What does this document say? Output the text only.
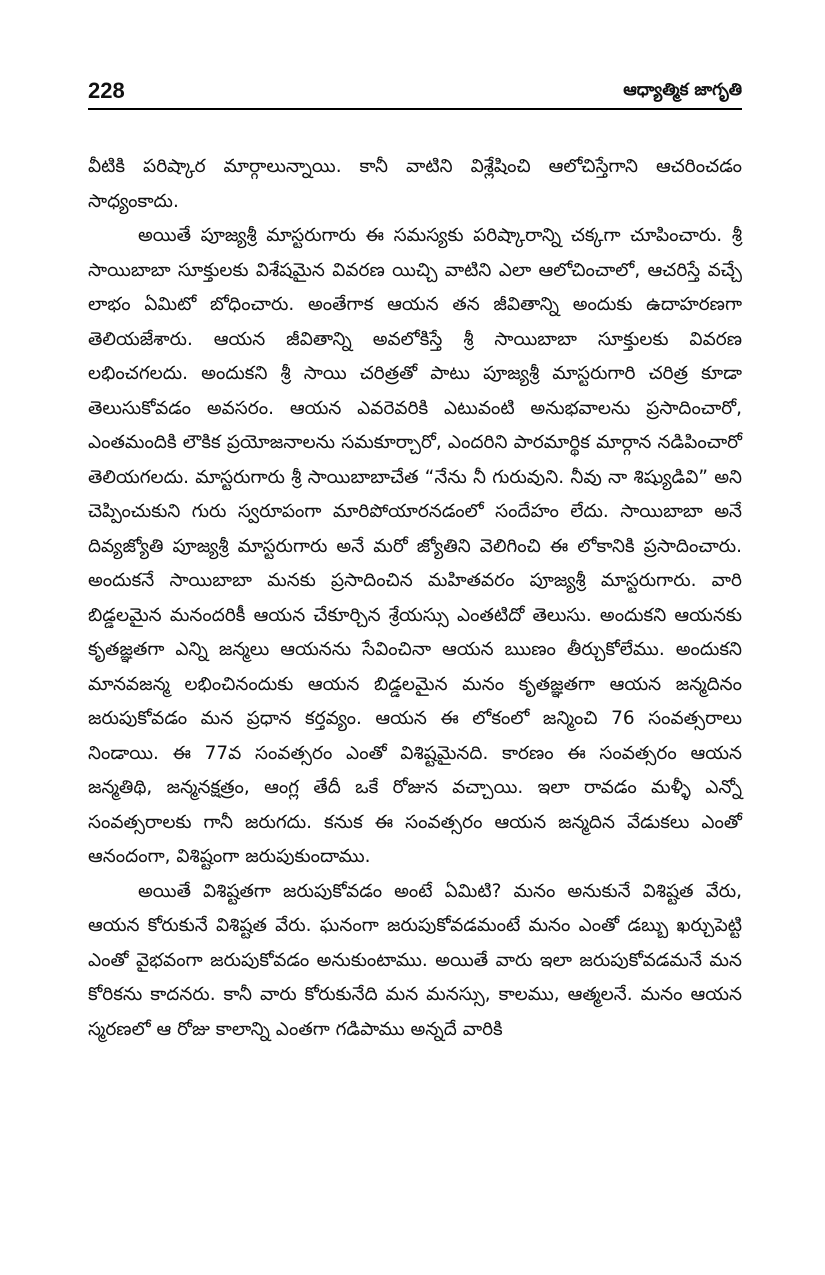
228	ఆధ్యాత్మిక జాగృతి

వీటికి పరిష్కార మార్గాలున్నాయి. కానీ వాటిని విశ్లేషించి ఆలోచిస్తేగాని ఆచరించడం సాధ్యంకాదు.

అయితే పూజ్యశ్రీ మాస్టరుగారు ఈ సమస్యకు పరిష్కారాన్ని చక్కగా చూపించారు. శ్రీ సాయిబాబా సూక్తులకు విశేషమైన వివరణ యిచ్చి వాటిని ఎలా ఆలోచించాలో, ఆచరిస్తే వచ్చే లాభం ఏమిటో బోధించారు. అంతేగాక ఆయన తన జీవితాన్ని అందుకు ఉదాహరణగా తెలియజేశారు. ఆయన జీవితాన్ని అవలోకిస్తే శ్రీ సాయిబాబా సూక్తులకు వివరణ లభించగలదు. అందుకని శ్రీ సాయి చరిత్రతో పాటు పూజ్యశ్రీ మాస్టరుగారి చరిత్ర కూడా తెలుసుకోవడం అవసరం. ఆయన ఎవరెవరికి ఎటువంటి అనుభవాలను ప్రసాదించారో, ఎంతమందికి లౌకిక ప్రయోజనాలను సమకూర్చారో, ఎందరిని పారమార్థిక మార్గాన నడిపించారో తెలియగలదు. మాస్టరుగారు శ్రీ సాయిబాబాచేత “నేను నీ గురువుని. నీవు నా శిష్యుడివి” అని చెప్పించుకుని గురు స్వరూపంగా మారిపోయారనడంలో సందేహం లేదు. సాయిబాబా అనే దివ్యజ్యోతి పూజ్యశ్రీ మాస్టరుగారు అనే మరో జ్యోతిని వెలిగించి ఈ లోకానికి ప్రసాదించారు. అందుకనే సాయిబాబా మనకు ప్రసాదించిన మహితవరం పూజ్యశ్రీ మాస్టరుగారు. వారి బిడ్డలమైన మనందరికీ ఆయన చేకూర్చిన శ్రేయస్సు ఎంతటిదో తెలుసు. అందుకని ఆయనకు కృతజ్ఞతగా ఎన్ని జన్మలు ఆయనను సేవించినా ఆయన ఋణం తీర్చుకోలేము. అందుకని మానవజన్మ లభించినందుకు ఆయన బిడ్డలమైన మనం కృతజ్ఞతగా ఆయన జన్మదినం జరుపుకోవడం మన ప్రధాన కర్తవ్యం. ఆయన ఈ లోకంలో జన్మించి 76 సంవత్సరాలు నిండాయి. ఈ 77వ సంవత్సరం ఎంతో విశిష్టమైనది. కారణం ఈ సంవత్సరం ఆయన జన్మతిథి, జన్మనక్షత్రం, ఆంగ్ల తేదీ ఒకే రోజున వచ్చాయి. ఇలా రావడం మళ్ళీ ఎన్నో సంవత్సరాలకు గానీ జరుగదు. కనుక ఈ సంవత్సరం ఆయన జన్మదిన వేడుకలు ఎంతో ఆనందంగా, విశిష్టంగా జరుపుకుందాము.

అయితే విశిష్టతగా జరుపుకోవడం అంటే ఏమిటి? మనం అనుకునే విశిష్టత వేరు, ఆయన కోరుకునే విశిష్టత వేరు. ఘనంగా జరుపుకోవడమంటే మనం ఎంతో డబ్బు ఖర్చుపెట్టి ఎంతో వైభవంగా జరుపుకోవడం అనుకుంటాము. అయితే వారు ఇలా జరుపుకోవడమనే మన కోరికను కాదనరు. కానీ వారు కోరుకునేది మన మనస్సు, కాలము, ఆత్మలనే. మనం ఆయన స్మరణలో ఆ రోజు కాలాన్ని ఎంతగా గడిపాము అన్నదే వారికి
